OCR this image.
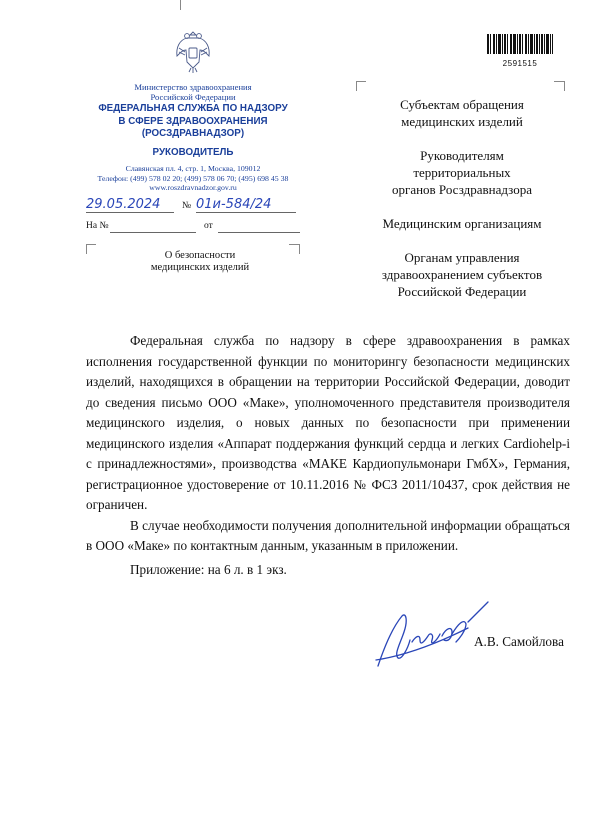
2591515
Министерство здравоохранения
Российской Федерации
ФЕДЕРАЛЬНАЯ СЛУЖБА ПО НАДЗОРУ
В СФЕРЕ ЗДРАВООХРАНЕНИЯ
(РОСЗДРАВНАДЗОР)
РУКОВОДИТЕЛЬ
Славянская пл. 4, стр. 1, Москва, 109012
Телефон: (499) 578 02 20; (499) 578 06 70; (495) 698 45 38
www.roszdravnadzor.gov.ru
29.05.2024	№ 01и-584/24
На №	от
О безопасности
медицинских изделий
Субъектам обращения
медицинских изделий
Руководителям
территориальных
органов Росздравнадзора
Медицинским организациям
Органам управления
здравоохранением субъектов
Российской Федерации

Федеральная служба по надзору в сфере здравоохранения в рамках исполнения государственной функции по мониторингу безопасности медицинских изделий, находящихся в обращении на территории Российской Федерации, доводит до сведения письмо ООО «Маке», уполномоченного представителя производителя медицинского изделия, о новых данных по безопасности при применении медицинского изделия «Аппарат поддержания функций сердца и легких Cardiohelp-i с принадлежностями», производства «МАКЕ Кардиопульмонари ГмбХ», Германия, регистрационное удостоверение от 10.11.2016 № ФСЗ 2011/10437, срок действия не ограничен.

В случае необходимости получения дополнительной информации обращаться в ООО «Маке» по контактным данным, указанным в приложении.

Приложение: на 6 л. в 1 экз.
А.В. Самойлова
